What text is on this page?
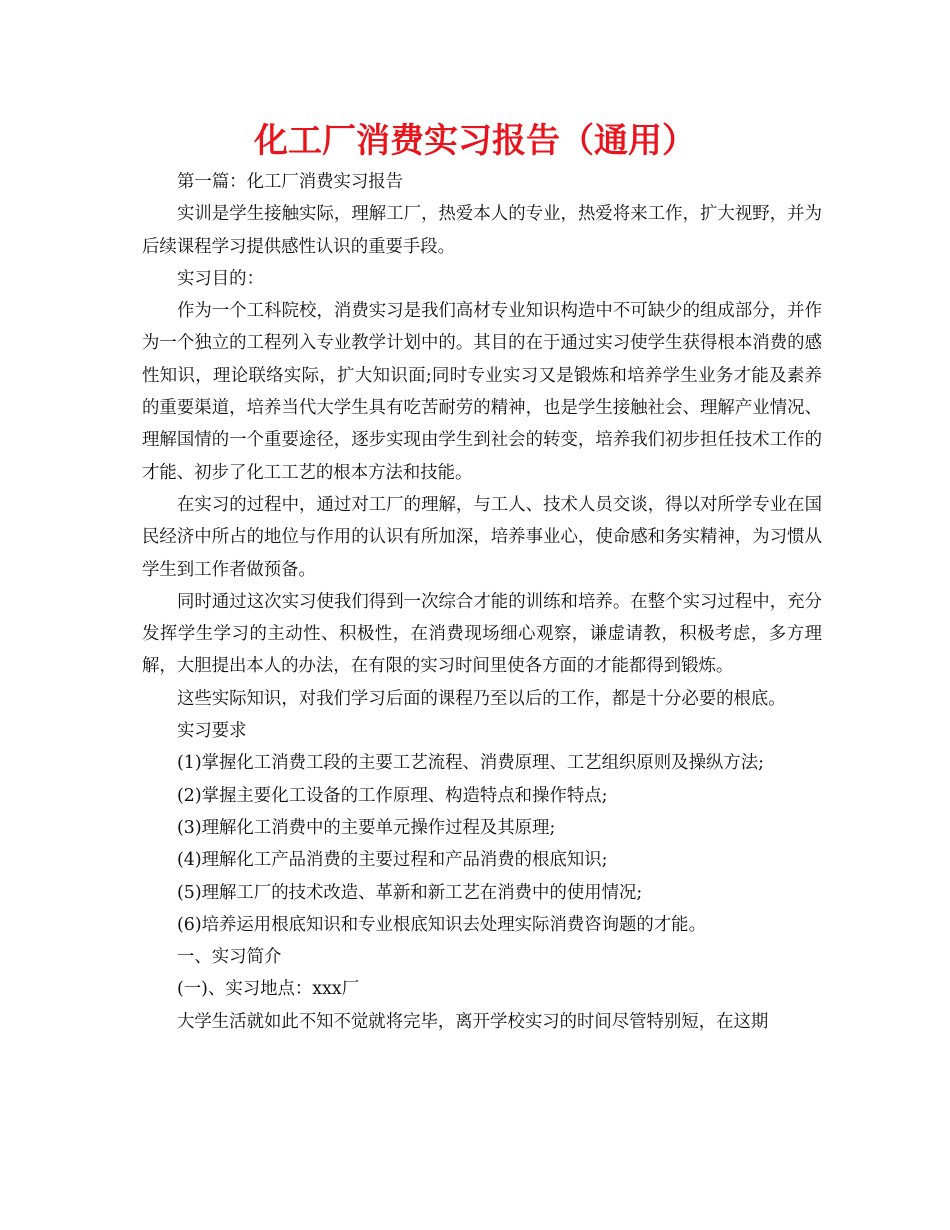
化工厂消费实习报告（通用）

第一篇：化工厂消费实习报告

实训是学生接触实际，理解工厂，热爱本人的专业，热爱将来工作，扩大视野，并为后续课程学习提供感性认识的重要手段。

实习目的：

作为一个工科院校，消费实习是我们高材专业知识构造中不可缺少的组成部分，并作为一个独立的工程列入专业教学计划中的。其目的在于通过实习使学生获得根本消费的感性知识，理论联络实际，扩大知识面;同时专业实习又是锻炼和培养学生业务才能及素养的重要渠道，培养当代大学生具有吃苦耐劳的精神，也是学生接触社会、理解产业情况、理解国情的一个重要途径，逐步实现由学生到社会的转变，培养我们初步担任技术工作的才能、初步了化工工艺的根本方法和技能。

在实习的过程中，通过对工厂的理解，与工人、技术人员交谈，得以对所学专业在国民经济中所占的地位与作用的认识有所加深，培养事业心，使命感和务实精神，为习惯从学生到工作者做预备。

同时通过这次实习使我们得到一次综合才能的训练和培养。在整个实习过程中，充分发挥学生学习的主动性、积极性，在消费现场细心观察，谦虚请教，积极考虑，多方理解，大胆提出本人的办法，在有限的实习时间里使各方面的才能都得到锻炼。

这些实际知识，对我们学习后面的课程乃至以后的工作，都是十分必要的根底。

实习要求

(1)掌握化工消费工段的主要工艺流程、消费原理、工艺组织原则及操纵方法;

(2)掌握主要化工设备的工作原理、构造特点和操作特点;

(3)理解化工消费中的主要单元操作过程及其原理;

(4)理解化工产品消费的主要过程和产品消费的根底知识;

(5)理解工厂的技术改造、革新和新工艺在消费中的使用情况;

(6)培养运用根底知识和专业根底知识去处理实际消费咨询题的才能。

一、实习简介

(一)、实习地点：xxx厂

大学生活就如此不知不觉就将完毕，离开学校实习的时间尽管特别短，在这期
